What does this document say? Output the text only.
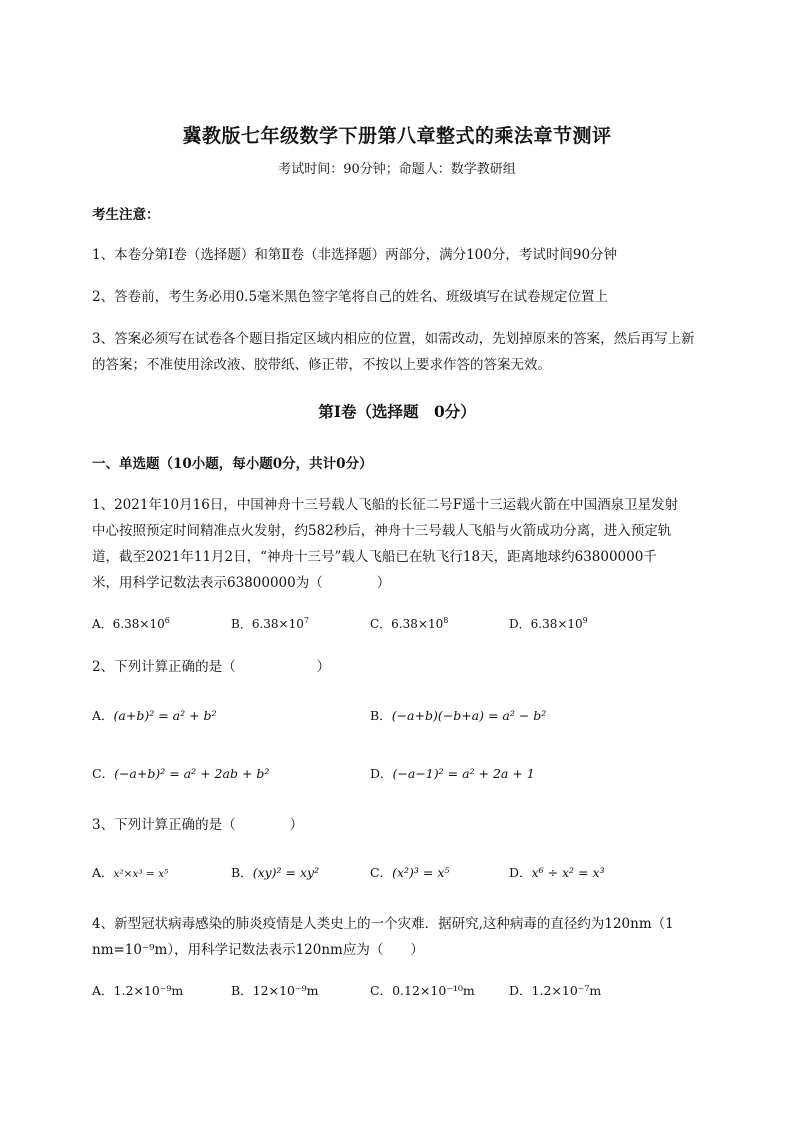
冀教版七年级数学下册第八章整式的乘法章节测评
考试时间：90分钟；命题人：数学教研组
考生注意：
1、本卷分第I卷（选择题）和第Ⅱ卷（非选择题）两部分，满分100分，考试时间90分钟
2、答卷前，考生务必用0.5毫米黑色签字笔将自己的姓名、班级填写在试卷规定位置上
3、答案必须写在试卷各个题目指定区域内相应的位置，如需改动，先划掉原来的答案，然后再写上新
的答案；不准使用涂改液、胶带纸、修正带，不按以上要求作答的答案无效。
第I卷（选择题　0分）
一、单选题（10小题，每小题0分，共计0分）
1、2021年10月16日，中国神舟十三号载人飞船的长征二号F遥十三运载火箭在中国酒泉卫星发射
中心按照预定时间精准点火发射，约582秒后，神舟十三号载人飞船与火箭成功分离，进入预定轨
道，截至2021年11月2日，“神舟十三号”载人飞船已在轨飞行18天，距离地球约63800000千
米，用科学记数法表示63800000为（　　　　）
A．$6.38\times 10^6$	B．$6.38\times 10^7$	C．$6.38\times 10^8$	D．$6.38\times 10^9$
2、下列计算正确的是（　　　　　　）
A．(a+b)² = a² + b²	B．(−a+b)(−b+a) = a² − b²
C．(−a+b)² = a² + 2ab + b²	D．(−a−1)² = a² + 2a + 1
3、下列计算正确的是（　　　　）
A．x²×x³ = x⁵	B．(xy)² = xy²	C．(x²)³ = x⁵	D．x⁶ ÷ x² = x³
4、新型冠状病毒感染的肺炎疫情是人类史上的一个灾难．据研究,这种病毒的直径约为120nm（1
nm=10⁻⁹m），用科学记数法表示120nm应为（　　）
A．1.2×10⁻⁹m	B．12×10⁻⁹m	C．0.12×10⁻¹⁰m	D．1.2×10⁻⁷m
